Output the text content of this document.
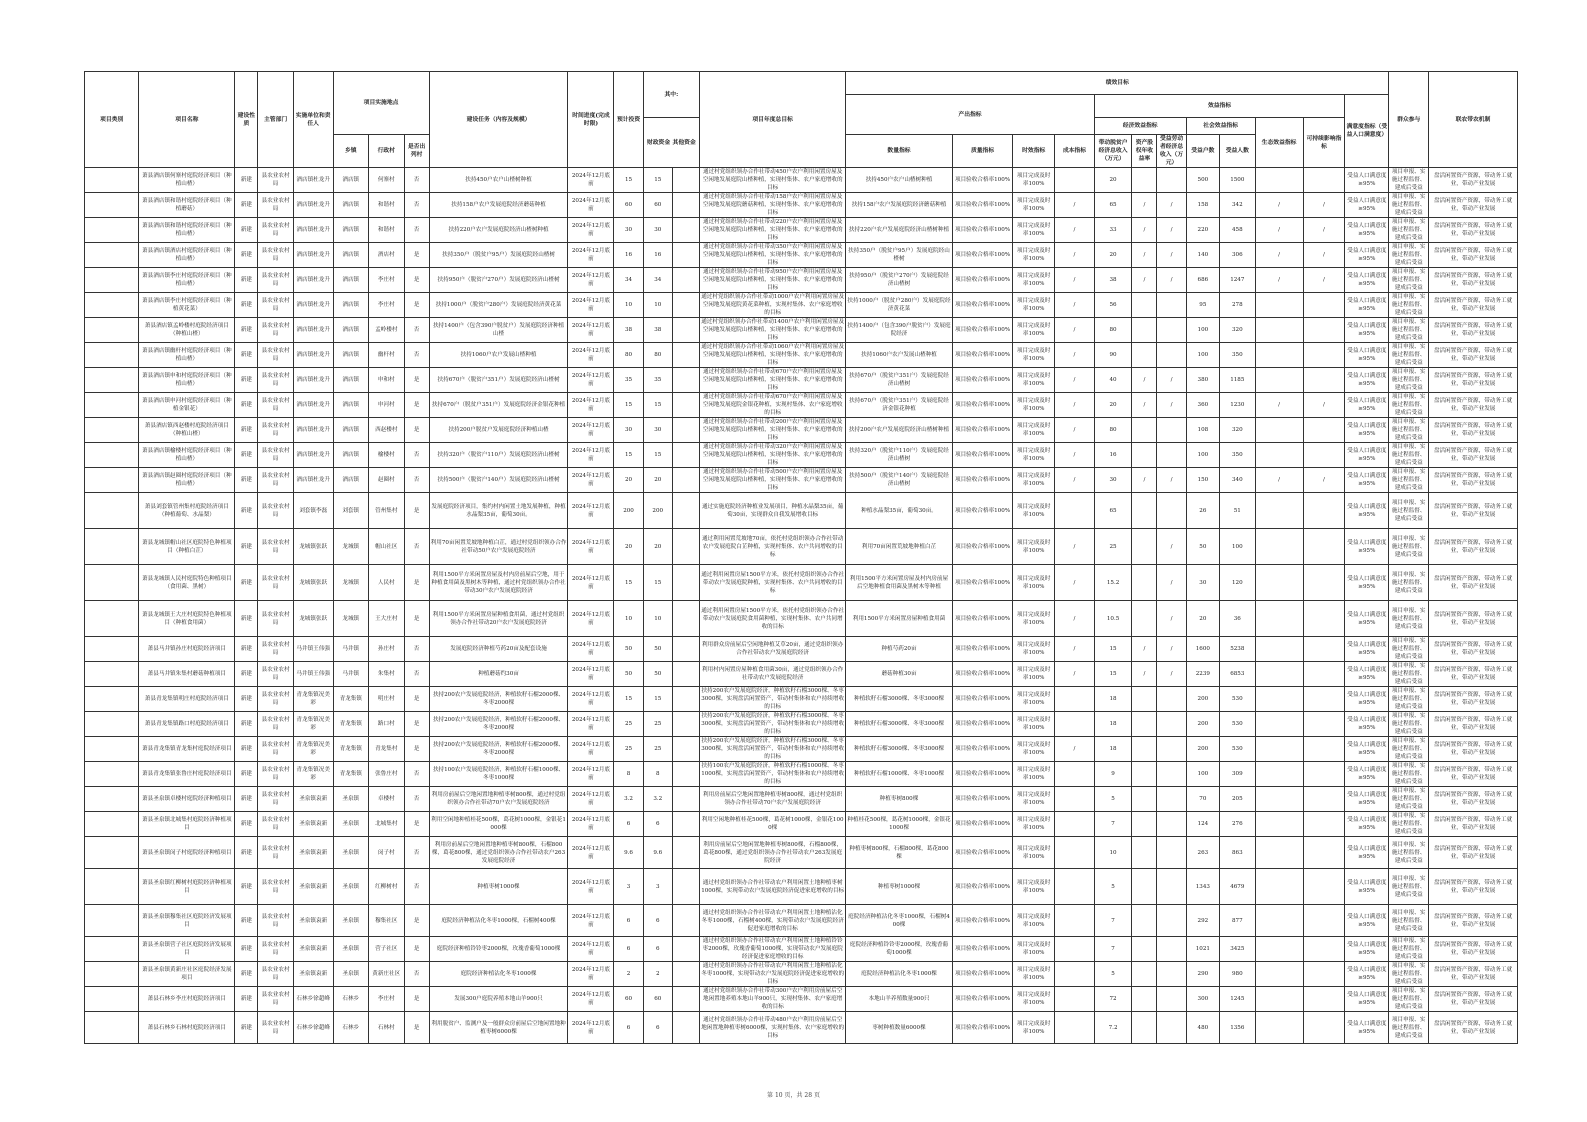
项目类别	项目名称	建设性质	主管部门	实施单位和责任人	项目实施地点			建设任务（内容及规模）	时间进度(完成时限)	预计投资	其中:		项目年度总目标	绩效目标												群众参与	联农带农机制
														产出指标				效益指标							满意度指标（受益人口满意度）		
											财政资金 其他资金							经济效益指标			社会效益指标		生态效益指标	可持续影响指标			
					乡镇	行政村	是否出列村							数量指标	质量指标	时效指标	成本指标	带动脱贫户经济总收入（万元）	资产股权年收益率	受益劳动者经济总收入（万元）	受益户数	受益人数					
	萧县酒店镇何寨村庭院经济项目（种植山楂）	新建	县农业农村局	酒店镇杜龙升	酒店镇	何寨村	否	扶持450户农户山楂树种植	2024年12月底前	15	15		通过村党组织领办合作社带动450户农户利用闲置房屋及空闲地发展庭院山楂种植，实现村集体、农户家庭增收的目标	扶持450户农户山楂树种植	项目验收合格率100%	项目完成及时率100%		20			500	1500			受益人口满意度≥95%	项目申报、实施过程监督、建成后受益	盘活闲置资产资源，带动务工就业，带动产业发展
	萧县酒店镇和谐村庭院经济项目（种植蘑菇）	新建	县农业农村局	酒店镇杜龙升	酒店镇	和谐村	否	扶持158户农户发展庭院经济蘑菇种植	2024年12月底前	60	60		通过村党组织领办合作社带动158户农户利用闲置房屋及空闲地发展庭院蘑菇种植，实现村集体、农户家庭增收的目标	扶持158户农户发展庭院经济蘑菇种植	项目验收合格率100%	项目完成及时率100%	/	65	/	/	158	342	/	/	受益人口满意度≥95%	项目申报、实施过程监督、建成后受益	盘活闲置资产资源，带动务工就业，带动产业发展
	萧县酒店镇和谐村庭院经济项目（种植山楂）	新建	县农业农村局	酒店镇杜龙升	酒店镇	和谐村	否	扶持220户农户发展庭院经济山楂树种植	2024年12月底前	30	30		通过村党组织领办合作社带动220户农户利用闲置房屋及空闲地发展庭院山楂种植，实现村集体、农户家庭增收的目标	扶持220户农户发展庭院经济山楂树种植	项目验收合格率100%	项目完成及时率100%	/	33	/	/	220	458	/	/	受益人口满意度≥95%	项目申报、实施过程监督、建成后受益	盘活闲置资产资源，带动务工就业，带动产业发展
	萧县酒店镇酒店村庭院经济项目（种植山楂）	新建	县农业农村局	酒店镇杜龙升	酒店镇	酒店村	是	扶持350户（脱贫户95户）发展庭院经山楂树	2024年12月底前	16	16		通过村党组织领办合作社带动350户农户利用闲置房屋及空闲地发展庭院山楂种植，实现村集体、农户家庭增收的目标	扶持350户（脱贫户95户）发展庭院经山楂树	项目验收合格率100%	项目完成及时率100%	/	20	/	/	140	306	/	/	受益人口满意度≥95%	项目申报、实施过程监督、建成后受益	盘活闲置资产资源，带动务工就业，带动产业发展
	萧县酒店镇李庄村庭院经济项目（种植山楂）	新建	县农业农村局	酒店镇杜龙升	酒店镇	李庄村	是	扶持950户（脱贫户270户）发展庭院经济山楂树	2024年12月底前	34	34		通过村党组织领办合作社带动950户农户利用闲置房屋及空闲地发展庭院山楂种植，实现村集体、农户家庭增收的目标	扶持950户（脱贫户270户）发展庭院经济山楂树	项目验收合格率100%	项目完成及时率100%	/	38	/	/	686	1247	/	/	受益人口满意度≥95%	项目申报、实施过程监督、建成后受益	盘活闲置资产资源，带动务工就业，带动产业发展
	萧县酒店镇李庄村庭院经济项目（种植黄花菜）	新建	县农业农村局	酒店镇杜龙升	酒店镇	李庄村	是	扶持1000户（脱贫户280户）发展庭院经济黄花菜	2024年12月底前	10	10		通过村党组织领办合作社带动1000户农户利用闲置房屋及空闲地发展庭院黄花菜种植，实现村集体、农户家庭增收的目标	扶持1000户（脱贫户280户）发展庭院经济黄花菜	项目验收合格率100%	项目完成及时率100%	/	56			95	278			受益人口满意度≥95%	项目申报、实施过程监督、建成后受益	盘活闲置资产资源，带动务工就业，带动产业发展
	萧县酒店镇孟岭楼村庭院经济项目（种植山楂）	新建	县农业农村局	酒店镇杜龙升	酒店镇	孟岭楼村	否	扶持1400户（包含390户脱贫户）发展庭院经济种植山楂	2024年12月底前	38	38		通过村党组织领办合作社带动1400户农户利用闲置房屋及空闲地发展庭院山楂种植，实现村集体、农户家庭增收的目标	扶持1400户（包含390户脱贫户）发展庭院经济	项目验收合格率100%	项目完成及时率100%	/	80			100	320			受益人口满意度≥95%	项目申报、实施过程监督、建成后受益	盘活闲置资产资源，带动务工就业，带动产业发展
	萧县酒店镇幽杆村庭院经济项目（种植山楂）	新建	县农业农村局	酒店镇杜龙升	酒店镇	幽杆村	否	扶持1060户农户发展山楂种植	2024年12月底前	80	80		通过村党组织领办合作社带动1060户农户利用闲置房屋及空闲地发展庭院山楂种植，实现村集体、农户家庭增收的目标	扶持1060户农户发展山楂种植	项目验收合格率100%	项目完成及时率100%	/	90			100	350			受益人口满意度≥95%	项目申报、实施过程监督、建成后受益	盘活闲置资产资源，带动务工就业，带动产业发展
	萧县酒店镇申和村庭院经济项目（种植山楂）	新建	县农业农村局	酒店镇杜龙升	酒店镇	申和村	是	扶持670户（脱贫户351户）发展庭院经济山楂树	2024年12月底前	35	35		通过村党组织领办合作社带动670户农户利用闲置房屋及空闲地发展庭院山楂种植，实现村集体、农户家庭增收的目标	扶持670户（脱贫户351户）发展庭院经济山楂树	项目验收合格率100%	项目完成及时率100%	/	40	/	/	380	1185			受益人口满意度≥95%	项目申报、实施过程监督、建成后受益	盘活闲置资产资源，带动务工就业，带动产业发展
	萧县酒店镇申河村庭院经济项目（种植金银花）	新建	县农业农村局	酒店镇杜龙升	酒店镇	申河村	是	扶持670户（脱贫户351户）发展庭院经济金银花种植	2024年12月底前	15	15		通过村党组织领办合作社带动670户农户利用闲置房屋及空闲地发展庭院金银花种植，实现村集体、农户家庭增收的目标	扶持670户（脱贫户351户）发展庭院经济金银花种植	项目验收合格率100%	项目完成及时率100%	/	20	/	/	360	1230	/	/	受益人口满意度≥95%	项目申报、实施过程监督、建成后受益	盘活闲置资产资源，带动务工就业，带动产业发展
	萧县酒店镇西赵楼村庭院经济项目（种植山楂）	新建	县农业农村局	酒店镇杜龙升	酒店镇	西赵楼村	是	扶持200户脱贫户发展庭院经济种植山楂	2024年12月底前	30	30		通过村党组织领办合作社带动200户农户利用闲置房屋及空闲地发展庭院山楂种植，实现村集体、农户家庭增收的目标	扶持200户农户发展庭院经济山楂树种植	项目验收合格率100%	项目完成及时率100%	/	80			108	320			受益人口满意度≥95%	项目申报、实施过程监督、建成后受益	盘活闲置资产资源，带动务工就业，带动产业发展
	萧县酒店镇榆楼村庭院经济项目（种植山楂）	新建	县农业农村局	酒店镇杜龙升	酒店镇	榆楼村	否	扶持320户（脱贫户110户）发展庭院经济山楂树	2024年12月底前	15	15		通过村党组织领办合作社带动320户农户利用闲置房屋及空闲地发展庭院山楂种植，实现村集体、农户家庭增收的目标	扶持320户（脱贫户110户）发展庭院经济山楂树	项目验收合格率100%	项目完成及时率100%	/	16			100	350			受益人口满意度≥95%	项目申报、实施过程监督、建成后受益	盘活闲置资产资源，带动务工就业，带动产业发展
	萧县酒店镇赵圈村庭院经济项目（种植山楂）	新建	县农业农村局	酒店镇杜龙升	酒店镇	赵圈村	否	扶持500户（脱贫户140户）发展庭院经济山楂树	2024年12月底前	20	20		通过村党组织领办合作社带动500户农户利用闲置房屋及空闲地发展庭院山楂种植，实现村集体、农户家庭增收的目标	扶持500户（脱贫户140户）发展庭院经济山楂树	项目验收合格率100%	项目完成及时率100%	/	30	/	/	150	340	/	/	受益人口满意度≥95%	项目申报、实施过程监督、建成后受益	盘活闲置资产资源，带动务工就业，带动产业发展
	萧县刘套镇管州集村庭院经济项目（种植葡萄、水晶梨）	新建	县农业农村局	刘套镇李磊	刘套镇	管州集村	是	发展庭院经济项目，集约村内闲置土地发展种植，种植水晶梨35亩，葡萄30亩。	2024年12月底前	200	200		通过实施庭院经济种植业发展项目，种植水晶梨35亩，葡萄30亩，实现群众自我发展增收目标	种植水晶梨35亩，葡萄30亩。	项目验收合格率100%	项目完成及时率100%		65			26	51			受益人口满意度≥95%	项目申报、实施过程监督、建成后受益	盘活闲置资产资源，带动务工就业，带动产业发展
	萧县龙城镇帽山社区庭院特色种植项目（种植白芷）	新建	县农业农村局	龙城镇张跃	龙城镇	帽山社区	否	利用70亩闲置荒坡地种植白芷，通过村党组织领办合作社带动50户农户发展庭院经济	2024年12月底前	20	20		通过利用闲置荒坡地70亩，依托村党组织领办合作社带动农户发展庭院白芷种植，实现村集体、农户共同增收的目标	利用70亩闲置荒坡地种植白芷	项目验收合格率100%	项目完成及时率100%	/	25		/	50	100			受益人口满意度≥95%	项目申报、实施过程监督、建成后受益	盘活闲置资产资源，带动务工就业，带动产业发展
	萧县龙城镇人民村庭院特色种植项目（食用菌、黑树）	新建	县农业农村局	龙城镇张跃	龙城镇	人民村	是	利用1500平方米闲置房屋及村内房前屋后空地，用于种植食用菌及黑树木等种植，通过村党组织领办合作社带动30户农户发展庭院经济	2024年12月底前	15	15		通过利用闲置房屋1500平方米，依托村党组织领办合作社带动农户发展庭院种植，实现村集体、农户共同增收的目标	利用1500平方米闲置房屋及村内房前屋后空地种植食用菌及黑树木等种植	项目验收合格率100%	项目完成及时率100%	/	15.2		/	30	120			受益人口满意度≥95%	项目申报、实施过程监督、建成后受益	盘活闲置资产资源，带动务工就业，带动产业发展
	萧县龙城镇王大庄村庭院特色种植项目（种植食用菌）	新建	县农业农村局	龙城镇张跃	龙城镇	王大庄村	是	利用1500平方米闲置房屋种植食用菌，通过村党组织领办合作社带动20户农户发展庭院经济	2024年12月底前	10	10		通过利用闲置房屋1500平方米，依托村党组织领办合作社带动农户发展庭院食用菌种植，实现村集体、农户共同增收的目标	利用1500平方米闲置房屋种植食用菌	项目验收合格率100%	项目完成及时率100%	/	10.5		/	20	36			受益人口满意度≥95%	项目申报、实施过程监督、建成后受益	盘活闲置资产资源，带动务工就业，带动产业发展
	萧县马井镇孙庄村庭院经济项目	新建	县农业农村局	马井镇王伟强	马井镇	孙庄村	否	发展庭院经济种植芍药20亩及配套设施	2024年12月底前	50	50		利用群众房前屋后空闲地种植艾草20亩，通过党组织领办合作社带动农户发展庭院经济	种植芍药20亩	项目验收合格率100%	项目完成及时率100%	/	15	/	/	1600	5238			受益人口满意度≥95%	项目申报、实施过程监督、建成后受益	盘活闲置资产资源，带动务工就业，带动产业发展
	萧县马井镇朱集村蘑菇种植项目	新建	县农业农村局	马井镇王伟强	马井镇	朱集村	否	种植蘑菇约30亩	2024年12月底前	50	50		利用村内闲置房屋种植食用菌30亩，通过党组织领办合作社带动农户发展庭院经济	蘑菇种植30亩	项目验收合格率100%	项目完成及时率100%	/	15	/	/	2239	6853			受益人口满意度≥95%	项目申报、实施过程监督、建成后受益	盘活闲置资产资源，带动务工就业，带动产业发展
	萧县青龙集镇明庄村庭院经济项目	新建	县农业农村局	青龙集镇况美彩	青龙集镇	明庄村	是	扶持200农户发展庭院经济，种植软籽石榴2000棵、冬枣2000棵	2024年12月底前	15	15		扶持200农户发展庭院经济，种植软籽石榴3000棵、冬枣3000棵，实现盘活闲置资产，带动村集体和农户持续增收的目标	种植软籽石榴3000棵、冬枣3000棵	项目验收合格率100%	项目完成及时率100%		18			200	530			受益人口满意度≥95%	项目申报、实施过程监督、建成后受益	盘活闲置资产资源，带动务工就业，带动产业发展
	萧县青龙集镇路口村庭院经济项目	新建	县农业农村局	青龙集镇况美彩	青龙集镇	路口村	是	扶持200农户发展庭院经济，种植软籽石榴2000棵、冬枣2000棵	2024年12月底前	25	25		扶持200农户发展庭院经济，种植软籽石榴3000棵、冬枣3000棵，实现盘活闲置资产，带动村集体和农户持续增收的目标	种植软籽石榴3000棵、冬枣3000棵	项目验收合格率100%	项目完成及时率100%		18			200	530			受益人口满意度≥95%	项目申报、实施过程监督、建成后受益	盘活闲置资产资源，带动务工就业，带动产业发展
	萧县青龙集镇青龙集村庭院经济项目	新建	县农业农村局	青龙集镇况美彩	青龙集镇	青龙集村	是	扶持200农户发展庭院经济，种植软籽石榴2000棵、冬枣2000棵	2024年12月底前	25	25		扶持200农户发展庭院经济，种植软籽石榴3000棵、冬枣3000棵，实现盘活闲置资产，带动村集体和农户持续增收的目标	种植软籽石榴3000棵、冬枣3000棵	项目验收合格率100%	项目完成及时率100%	/	18			200	530			受益人口满意度≥95%	项目申报、实施过程监督、建成后受益	盘活闲置资产资源，带动务工就业，带动产业发展
	萧县青龙集镇张鲁庄村庭院经济项目	新建	县农业农村局	青龙集镇况美彩	青龙集镇	张鲁庄村	否	扶持100农户发展庭院经济，种植软籽石榴1000棵、冬枣1000棵	2024年12月底前	8	8		扶持100农户发展庭院经济，种植软籽石榴1000棵、冬枣1000棵，实现盘活闲置资产，带动村集体和农户持续增收的目标	种植软籽石榴1000棵、冬枣1000棵	项目验收合格率100%	项目完成及时率100%		9			100	309			受益人口满意度≥95%	项目申报、实施过程监督、建成后受益	盘活闲置资产资源，带动务工就业，带动产业发展
	萧县圣泉镇卓楼村庭院经济种植项目	新建	县农业农村局	圣泉镇袁新	圣泉镇	卓楼村	否	利用房前屋后空地闲置地种植枣树800棵，通过村党组织领办合作社带动70户农户发展庭院经济	2024年12月底前	3.2	3.2		利用房前屋后空地闲置地种植枣树800棵，通过村党组织领办合作社带动70户农户发展庭院经济	种植枣树800棵	项目验收合格率100%	项目完成及时率100%		5			70	205			受益人口满意度≥95%	项目申报、实施过程监督、建成后受益	盘活闲置资产资源，带动务工就业，带动产业发展
	萧县圣泉镇北城集村庭院经济种植项目	新建	县农业农村局	圣泉镇袁新	圣泉镇	北城集村	是	利用空闲地种植桂花500棵，葛花树1000棵，金银花1000棵	2024年12月底前	6	6		利用空闲地种植桂花500棵，葛花树1000棵，金银花1000棵	种植桂花500棵，葛花树1000棵，金银花1000棵	项目验收合格率100%	项目完成及时率100%		7			124	276			受益人口满意度≥95%	项目申报、实施过程监督、建成后受益	盘活闲置资产资源，带动务工就业，带动产业发展
	萧县圣泉镇闵子村庭院经济种植项目	新建	县农业农村局	圣泉镇袁新	圣泉镇	闵子村	否	利用房前屋后空地闲置地种植枣树800棵，石榴800棵，葛花800棵，通过党组织领办合作社带动农户263发展庭院经济	2024年12月底前	9.6	9.6		利用房前屋后空地闲置地种植枣树800棵，石榴800棵，葛花800棵，通过党组织领办合作社带动农户263发展庭院经济	种植枣树800棵，石榴800棵，葛花800棵	项目验收合格率100%	项目完成及时率100%		10			263	863			受益人口满意度≥95%	项目申报、实施过程监督、建成后受益	盘活闲置资产资源，带动务工就业，带动产业发展
	萧县圣泉镇红柳树村庭院经济种植项目	新建	县农业农村局	圣泉镇袁新	圣泉镇	红柳树村	否	种植枣树1000棵	2024年12月底前	3	3		通过村党组织领办合作社带动农户利用闲置土地种植枣树1000棵，实现带动农户发展庭院经济促进家庭增收的目标	种植枣树1000棵	项目验收合格率100%	项目完成及时率100%		5			1343	4679			受益人口满意度≥95%	项目申报、实施过程监督、建成后受益	盘活闲置资产资源，带动务工就业，带动产业发展
	萧县圣泉镇穆集社区庭院经济发展项目	新建	县农业农村局	圣泉镇袁新	圣泉镇	穆集社区	是	庭院经济种植沾化冬枣1000棵，石榴树400棵	2024年12月底前	6	6		通过村党组织领办合作社带动农户利用闲置土地种植沾化冬枣1000棵，石榴树400棵，实现带动农户发展庭院经济促进家庭增收的目标	庭院经济种植沾化冬枣1000棵，石榴树400棵	项目验收合格率100%	项目完成及时率100%		7			292	877			受益人口满意度≥95%	项目申报、实施过程监督、建成后受益	盘活闲置资产资源，带动务工就业，带动产业发展
	萧县圣泉镇营子社区庭院经济发展项目	新建	县农业农村局	圣泉镇袁新	圣泉镇	营子社区	是	庭院经济种植铃铃枣2000棵，玫瑰香葡萄1000棵	2024年12月底前	6	6		通过村党组织领办合作社带动农户利用闲置土地种植铃铃枣2000棵，玫瑰香葡萄1000棵，实现带动农户发展庭院经济促进家庭增收的目标	庭院经济种植铃铃枣2000棵，玫瑰香葡萄1000棵	项目验收合格率100%	项目完成及时率100%		7			1021	3425			受益人口满意度≥95%	项目申报、实施过程监督、建成后受益	盘活闲置资产资源，带动务工就业，带动产业发展
	萧县圣泉镇黄新庄社区庭院经济发展项目	新建	县农业农村局	圣泉镇袁新	圣泉镇	黄新庄社区	否	庭院经济种植沾化冬枣1000棵	2024年12月底前	2	2		通过村党组织领办合作社带动农户利用闲置土地种植沾化冬枣1000棵，实现带动农户发展庭院经济促进家庭增收的目标	庭院经济种植沾化冬枣1000棵	项目验收合格率100%	项目完成及时率100%		5			290	980			受益人口满意度≥95%	项目申报、实施过程监督、建成后受益	盘活闲置资产资源，带动务工就业，带动产业发展
	萧县石林乡李庄村庭院经济项目	新建	县农业农村局	石林乡徐超峰	石林乡	李庄村	是	发展300户庭院养殖本地山羊900只	2024年12月底前	60	60		通过村党组织领办合作社带动300户农户利用房前屋后空地闲置地养殖本地山羊900只，实现村集体、农户家庭增收的目标	本地山羊养殖数量900只	项目验收合格率100%	项目完成及时率100%		72			300	1245			受益人口满意度≥95%	项目申报、实施过程监督、建成后受益	盘活闲置资产资源，带动务工就业，带动产业发展
	萧县石林乡石林村庭院经济项目	新建	县农业农村局	石林乡徐超峰	石林乡	石林村	是	利用脱贫户、监测户及一般群众房前屋后空地闲置地种植枣树6000棵	2024年12月底前	6	6		通过村党组织领办合作社带动480户农户利用房前屋后空地闲置地种植枣树6000棵，实现村集体、农户家庭增收的目标	枣树种植数量6000棵	项目验收合格率100%	项目完成及时率100%		7.2			480	1356			受益人口满意度≥95%	项目申报、实施过程监督、建成后受益	盘活闲置资产资源，带动务工就业，带动产业发展
第 10 页，共 28 页
